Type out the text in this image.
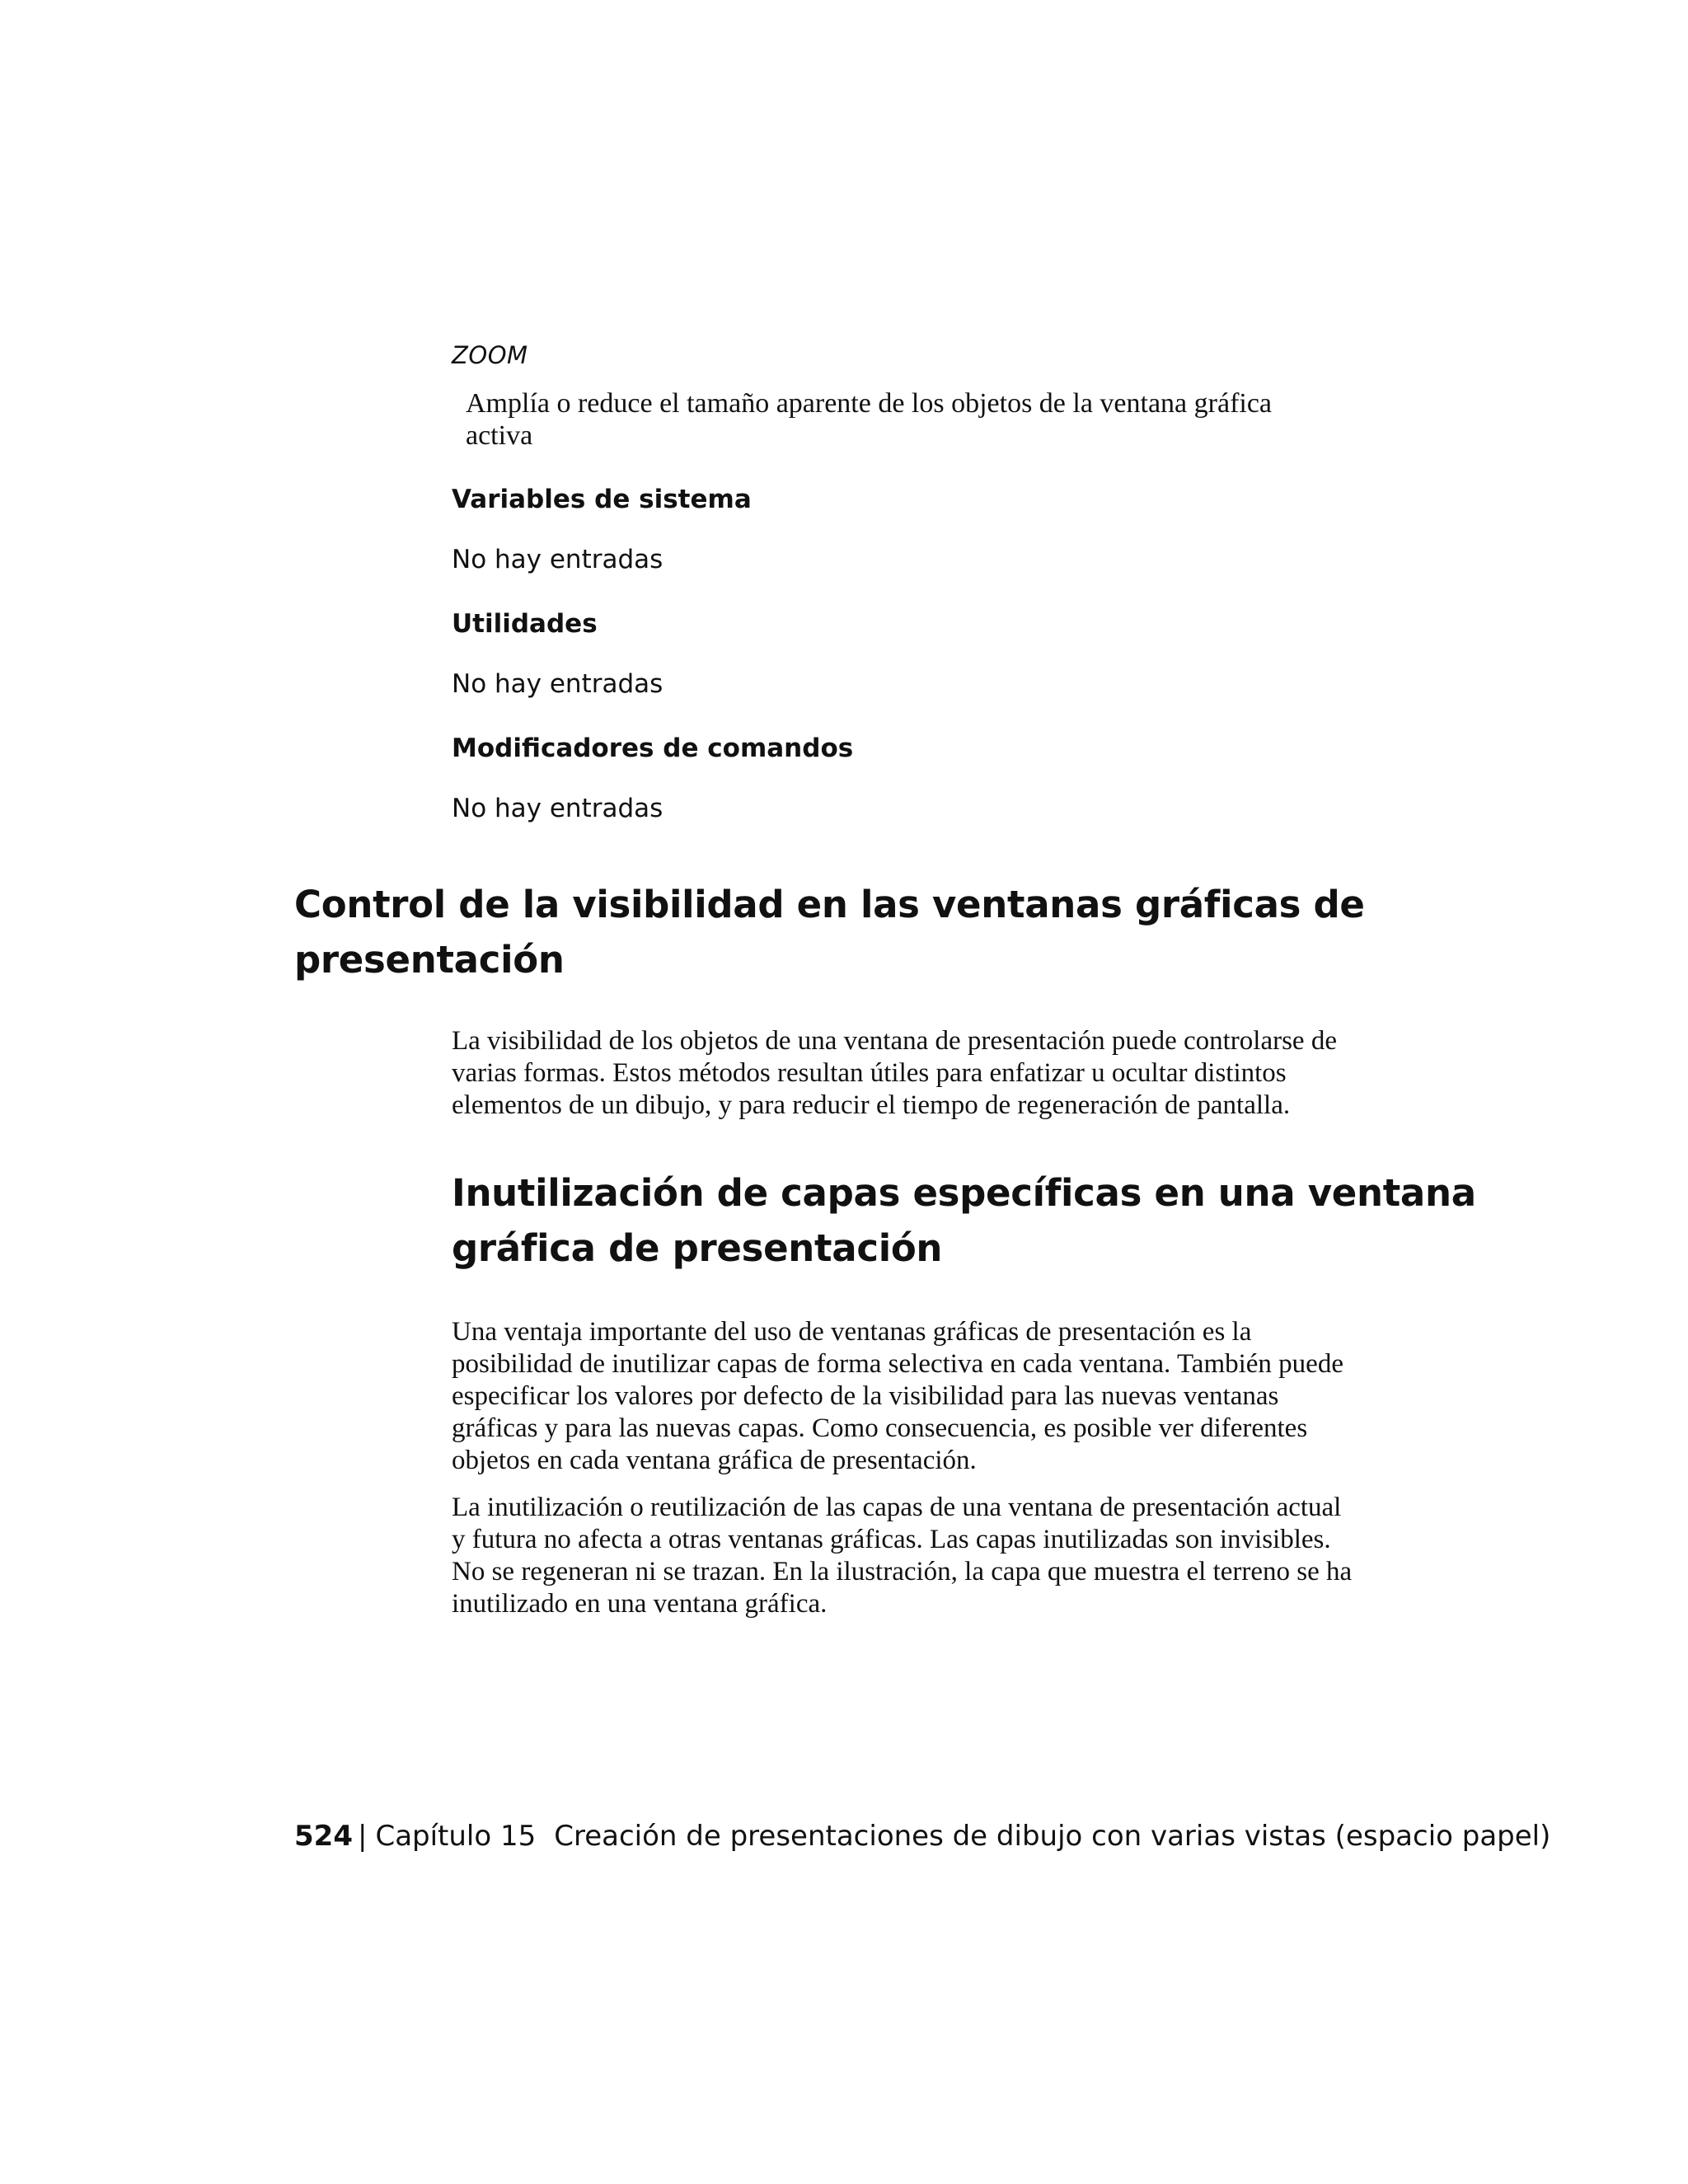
ZOOM

Amplía o reduce el tamaño aparente de los objetos de la ventana gráfica activa

Variables de sistema

No hay entradas

Utilidades

No hay entradas

Modificadores de comandos

No hay entradas

Control de la visibilidad en las ventanas gráficas de presentación

La visibilidad de los objetos de una ventana de presentación puede controlarse de varias formas. Estos métodos resultan útiles para enfatizar u ocultar distintos elementos de un dibujo, y para reducir el tiempo de regeneración de pantalla.

Inutilización de capas específicas en una ventana gráfica de presentación

Una ventaja importante del uso de ventanas gráficas de presentación es la posibilidad de inutilizar capas de forma selectiva en cada ventana. También puede especificar los valores por defecto de la visibilidad para las nuevas ventanas gráficas y para las nuevas capas. Como consecuencia, es posible ver diferentes objetos en cada ventana gráfica de presentación.

La inutilización o reutilización de las capas de una ventana de presentación actual y futura no afecta a otras ventanas gráficas. Las capas inutilizadas son invisibles. No se regeneran ni se trazan. En la ilustración, la capa que muestra el terreno se ha inutilizado en una ventana gráfica.

524 | Capítulo 15 Creación de presentaciones de dibujo con varias vistas (espacio papel)
